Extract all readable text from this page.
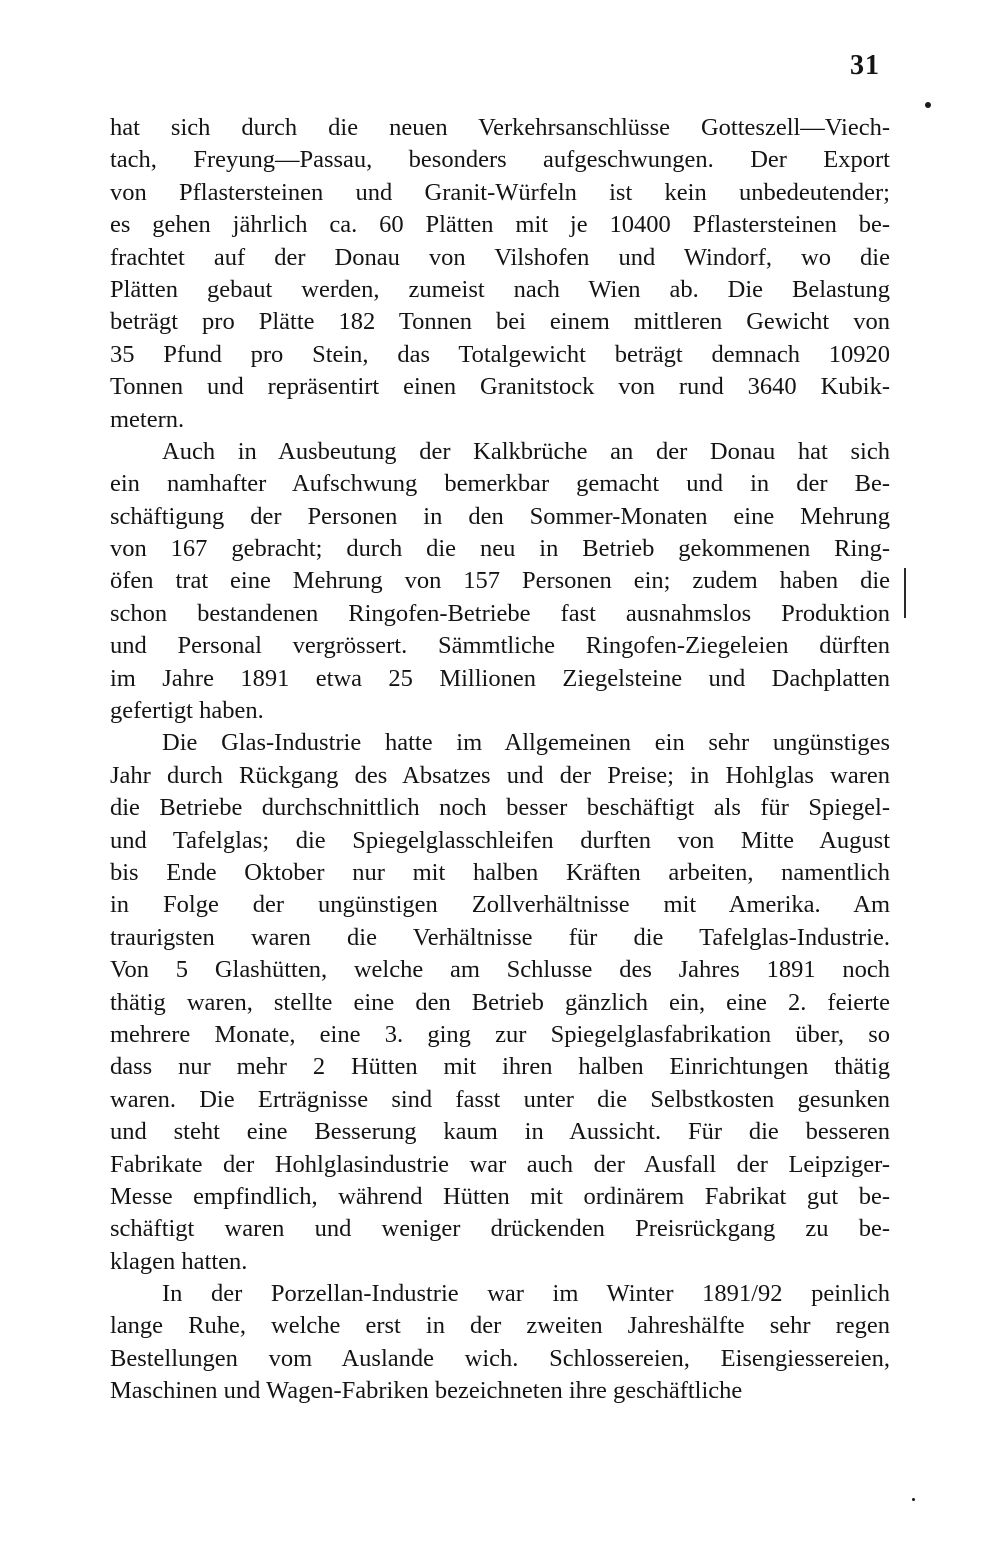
31
hat sich durch die neuen Verkehrsanschlüsse Gotteszell—Viech-
tach, Freyung—Passau, besonders aufgeschwungen. Der Export
von Pflastersteinen und Granit-Würfeln ist kein unbedeutender;
es gehen jährlich ca. 60 Plätten mit je 10400 Pflastersteinen be-
frachtet auf der Donau von Vilshofen und Windorf, wo die
Plätten gebaut werden, zumeist nach Wien ab. Die Belastung
beträgt pro Plätte 182 Tonnen bei einem mittleren Gewicht von
35 Pfund pro Stein, das Totalgewicht beträgt demnach 10920
Tonnen und repräsentirt einen Granitstock von rund 3640 Kubik-
metern.
Auch in Ausbeutung der Kalkbrüche an der Donau hat sich
ein namhafter Aufschwung bemerkbar gemacht und in der Be-
schäftigung der Personen in den Sommer-Monaten eine Mehrung
von 167 gebracht; durch die neu in Betrieb gekommenen Ring-
öfen trat eine Mehrung von 157 Personen ein; zudem haben die
schon bestandenen Ringofen-Betriebe fast ausnahmslos Produktion
und Personal vergrössert. Sämmtliche Ringofen-Ziegeleien dürften
im Jahre 1891 etwa 25 Millionen Ziegelsteine und Dachplatten
gefertigt haben.
Die Glas-Industrie hatte im Allgemeinen ein sehr ungünstiges
Jahr durch Rückgang des Absatzes und der Preise; in Hohlglas waren
die Betriebe durchschnittlich noch besser beschäftigt als für Spiegel-
und Tafelglas; die Spiegelglasschleifen durften von Mitte August
bis Ende Oktober nur mit halben Kräften arbeiten, namentlich
in Folge der ungünstigen Zollverhältnisse mit Amerika. Am
traurigsten waren die Verhältnisse für die Tafelglas-Industrie.
Von 5 Glashütten, welche am Schlusse des Jahres 1891 noch
thätig waren, stellte eine den Betrieb gänzlich ein, eine 2. feierte
mehrere Monate, eine 3. ging zur Spiegelglasfabrikation über, so
dass nur mehr 2 Hütten mit ihren halben Einrichtungen thätig
waren. Die Erträgnisse sind fasst unter die Selbstkosten gesunken
und steht eine Besserung kaum in Aussicht. Für die besseren
Fabrikate der Hohlglasindustrie war auch der Ausfall der Leipziger-
Messe empfindlich, während Hütten mit ordinärem Fabrikat gut be-
schäftigt waren und weniger drückenden Preisrückgang zu be-
klagen hatten.
In der Porzellan-Industrie war im Winter 1891/92 peinlich
lange Ruhe, welche erst in der zweiten Jahreshälfte sehr regen
Bestellungen vom Auslande wich. Schlossereien, Eisengiessereien,
Maschinen und Wagen-Fabriken bezeichneten ihre geschäftliche
